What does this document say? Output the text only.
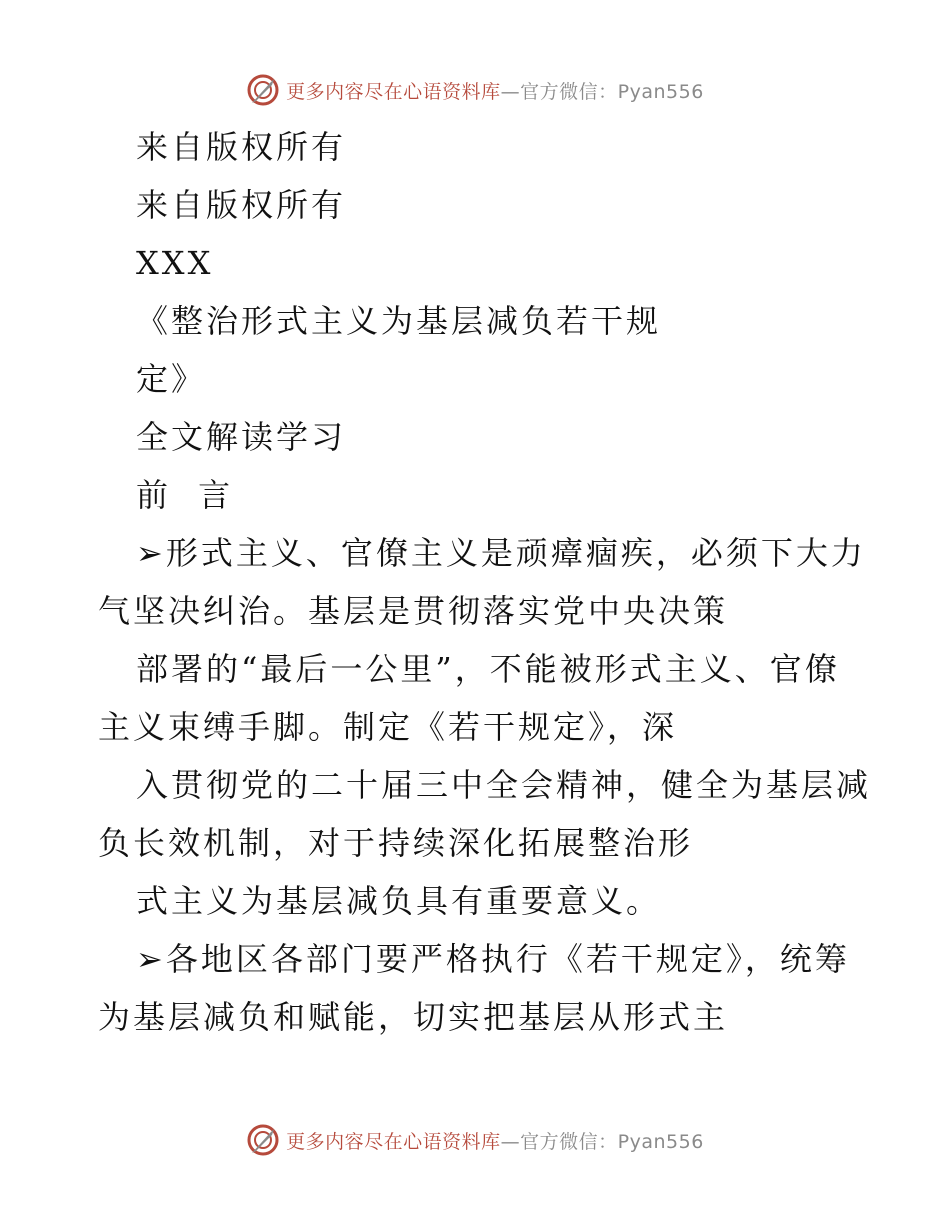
更多内容尽在心语资料库—官方微信：Pyan556
来自版权所有
来自版权所有
XXX
《整治形式主义为基层减负若干规
定》
全文解读学习
前 言
➢形式主义、官僚主义是顽瘴痼疾，必须下大力
气坚决纠治。基层是贯彻落实党中央决策
部署的“最后一公里”，不能被形式主义、官僚
主义束缚手脚。制定《若干规定》，深
入贯彻党的二十届三中全会精神，健全为基层减
负长效机制，对于持续深化拓展整治形
式主义为基层减负具有重要意义。
➢各地区各部门要严格执行《若干规定》，统筹
为基层减负和赋能，切实把基层从形式主
更多内容尽在心语资料库—官方微信：Pyan556
